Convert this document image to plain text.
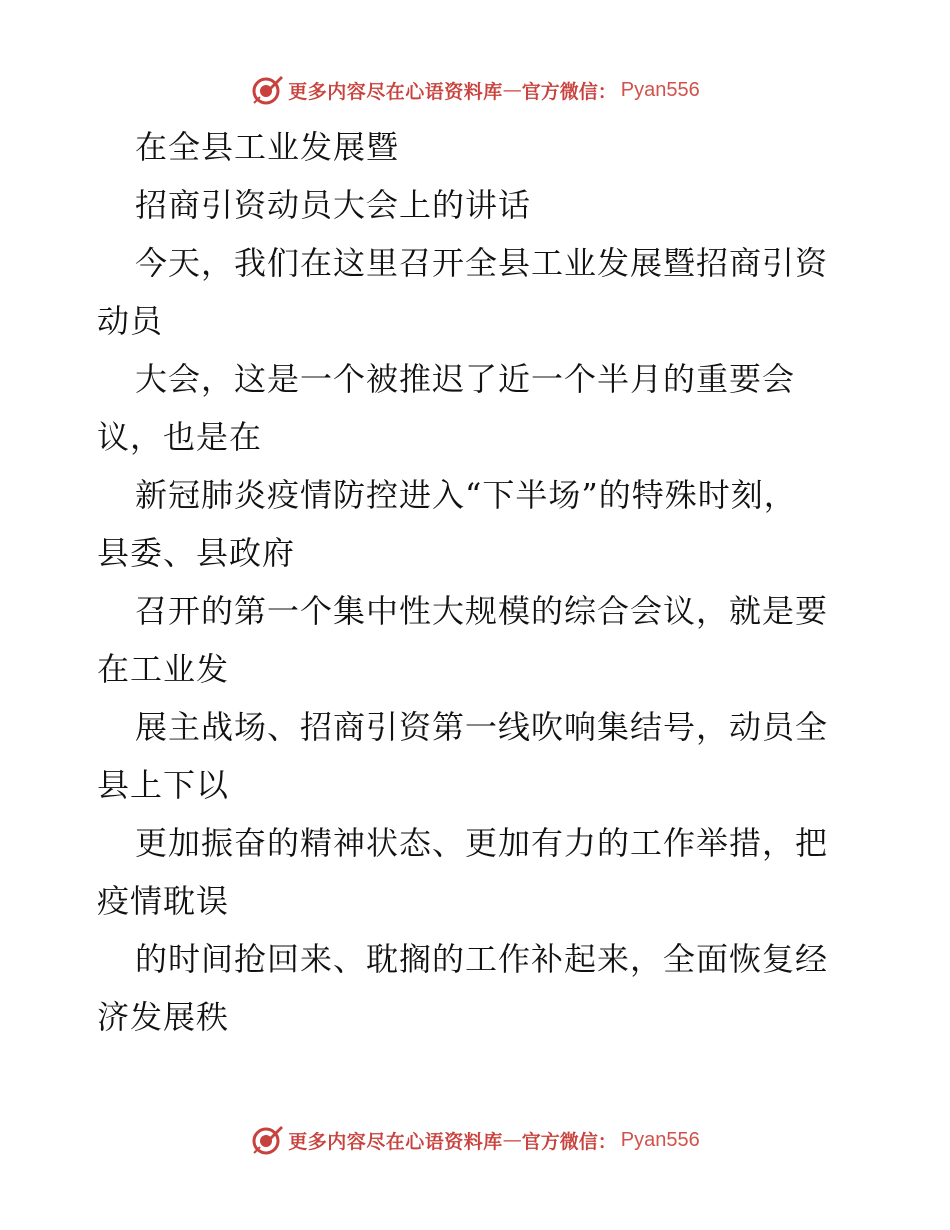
更多内容尽在心语资料库 — 官方微信： Pyan556
在全县工业发展暨
招商引资动员大会上的讲话
今天，我们在这里召开全县工业发展暨招商引资
动员
大会，这是一个被推迟了近一个半月的重要会
议，也是在
新冠肺炎疫情防控进入“下半场”的特殊时刻，
县委、县政府
召开的第一个集中性大规模的综合会议，就是要
在工业发
展主战场、招商引资第一线吹响集结号，动员全
县上下以
更加振奋的精神状态、更加有力的工作举措，把
疫情耽误
的时间抢回来、耽搁的工作补起来，全面恢复经
济发展秩
更多内容尽在心语资料库 — 官方微信： Pyan556
